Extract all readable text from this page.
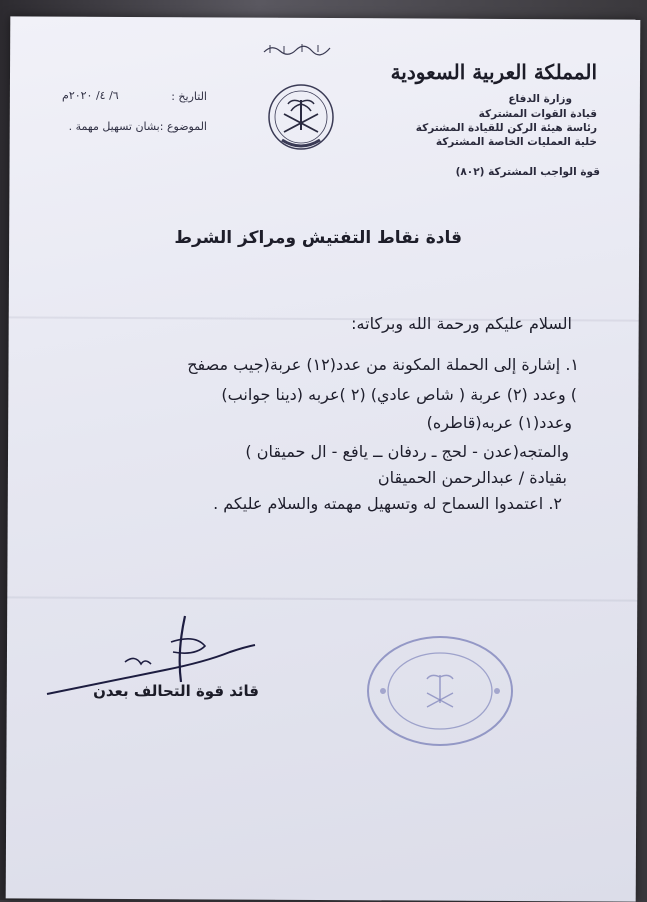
المملكة العربية السعودية
وزارة الدفاع
قيادة القوات المشتركة
رئاسة هيئة الركن للقيادة المشتركة
خلية العمليات الخاصة المشتركة
قوة الواجب المشتركة (٨٠٢)
التاريخ :
٦/ ٤/ ٢٠٢٠م
الموضوع :بشان تسهيل مهمة .
قادة نقاط التفتيش ومراكز الشرط
السلام عليكم ورحمة الله وبركاته:
١. إشارة إلى الحملة المكونة من عدد(١٢) عربة(جيب مصفح
) وعدد (٢) عربة ( شاص عادي) (٢ )عربه (دينا جوانب)
وعدد(١) عربه(قاطره)
والمتجه(عدن - لحج ـ ردفان ــ يافع - ال حميقان )
بقيادة / عبدالرحمن الحميقان
٢. اعتمدوا السماح له وتسهيل مهمته والسلام عليكم .
قائد قوة التحالف بعدن
